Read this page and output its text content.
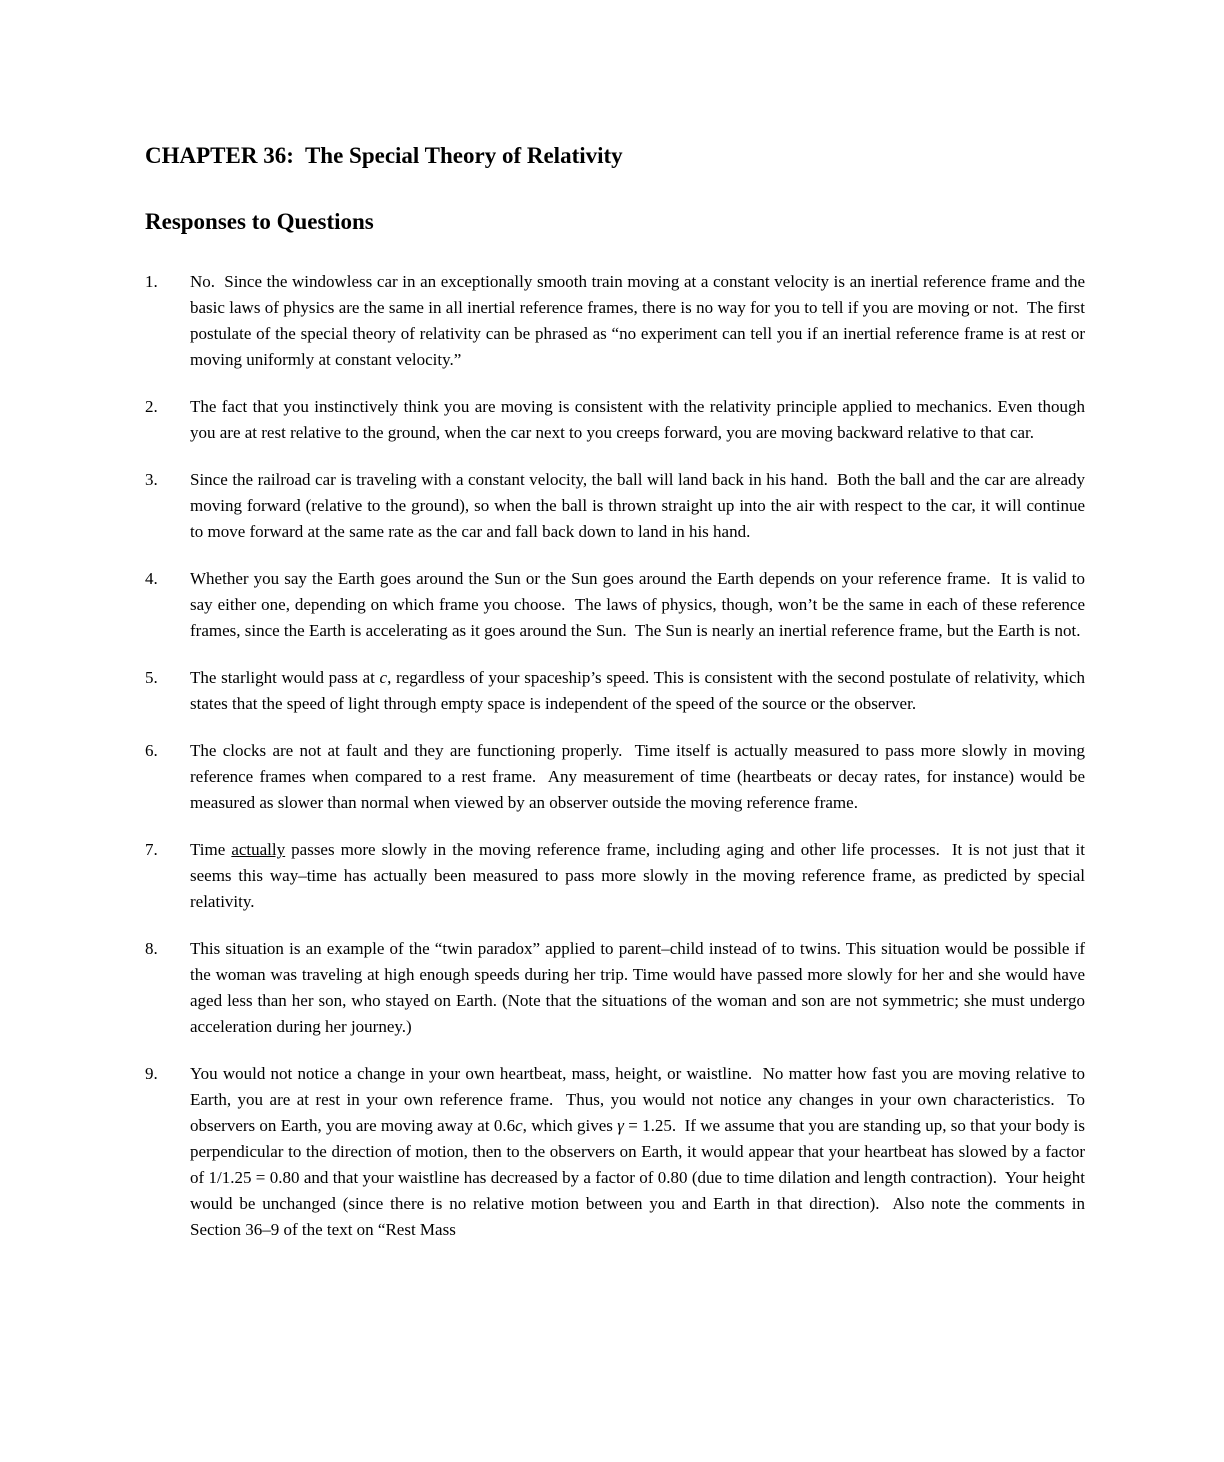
CHAPTER 36:  The Special Theory of Relativity
Responses to Questions
1.	No.  Since the windowless car in an exceptionally smooth train moving at a constant velocity is an inertial reference frame and the basic laws of physics are the same in all inertial reference frames, there is no way for you to tell if you are moving or not.  The first postulate of the special theory of relativity can be phrased as “no experiment can tell you if an inertial reference frame is at rest or moving uniformly at constant velocity.”
2.	The fact that you instinctively think you are moving is consistent with the relativity principle applied to mechanics. Even though you are at rest relative to the ground, when the car next to you creeps forward, you are moving backward relative to that car.
3.	Since the railroad car is traveling with a constant velocity, the ball will land back in his hand.  Both the ball and the car are already moving forward (relative to the ground), so when the ball is thrown straight up into the air with respect to the car, it will continue to move forward at the same rate as the car and fall back down to land in his hand.
4.	Whether you say the Earth goes around the Sun or the Sun goes around the Earth depends on your reference frame.  It is valid to say either one, depending on which frame you choose.  The laws of physics, though, won’t be the same in each of these reference frames, since the Earth is accelerating as it goes around the Sun.  The Sun is nearly an inertial reference frame, but the Earth is not.
5.	The starlight would pass at c, regardless of your spaceship’s speed. This is consistent with the second postulate of relativity, which states that the speed of light through empty space is independent of the speed of the source or the observer.
6.	The clocks are not at fault and they are functioning properly.  Time itself is actually measured to pass more slowly in moving reference frames when compared to a rest frame.  Any measurement of time (heartbeats or decay rates, for instance) would be measured as slower than normal when viewed by an observer outside the moving reference frame.
7.	Time actually passes more slowly in the moving reference frame, including aging and other life processes.  It is not just that it seems this way–time has actually been measured to pass more slowly in the moving reference frame, as predicted by special relativity.
8.	This situation is an example of the “twin paradox” applied to parent–child instead of to twins. This situation would be possible if the woman was traveling at high enough speeds during her trip. Time would have passed more slowly for her and she would have aged less than her son, who stayed on Earth. (Note that the situations of the woman and son are not symmetric; she must undergo acceleration during her journey.)
9.	You would not notice a change in your own heartbeat, mass, height, or waistline.  No matter how fast you are moving relative to Earth, you are at rest in your own reference frame.  Thus, you would not notice any changes in your own characteristics.  To observers on Earth, you are moving away at 0.6c, which gives γ = 1.25.  If we assume that you are standing up, so that your body is perpendicular to the direction of motion, then to the observers on Earth, it would appear that your heartbeat has slowed by a factor of 1/1.25 = 0.80 and that your waistline has decreased by a factor of 0.80 (due to time dilation and length contraction).  Your height would be unchanged (since there is no relative motion between you and Earth in that direction).  Also note the comments in Section 36–9 of the text on “Rest Mass
